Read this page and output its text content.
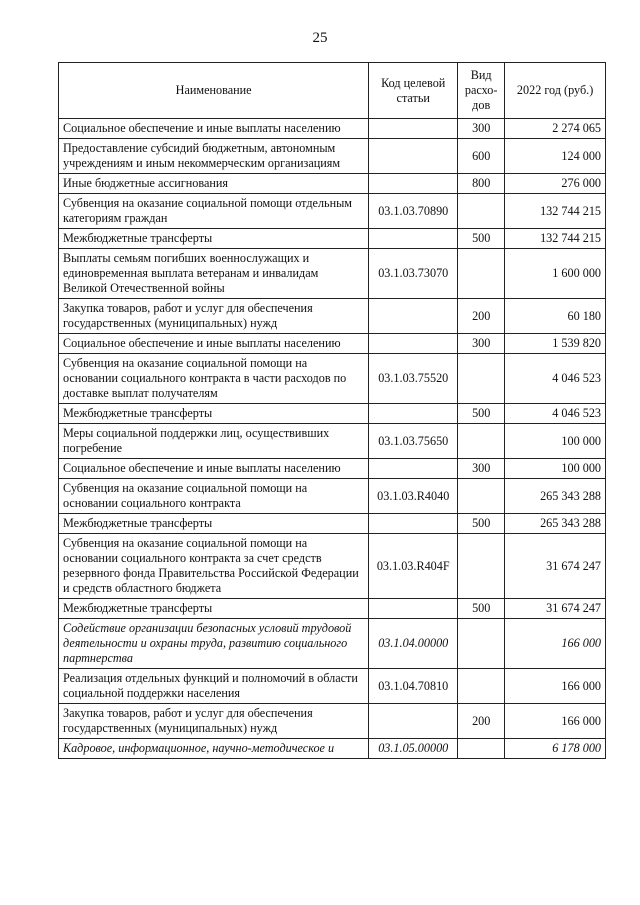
25
Наименование	Код целевой статьи	Вид расхо-дов	2022 год (руб.)
Социальное обеспечение и иные выплаты населению		300	2 274 065
Предоставление субсидий бюджетным, автономным учреждениям и иным некоммерческим организациям		600	124 000
Иные бюджетные ассигнования		800	276 000
Субвенция на оказание социальной помощи отдельным категориям граждан	03.1.03.70890		132 744 215
Межбюджетные трансферты		500	132 744 215
Выплаты семьям погибших военнослужащих и единовременная выплата ветеранам и инвалидам Великой Отечественной войны	03.1.03.73070		1 600 000
Закупка товаров, работ и услуг для обеспечения государственных (муниципальных) нужд		200	60 180
Социальное обеспечение и иные выплаты населению		300	1 539 820
Субвенция на оказание социальной помощи на основании социального контракта в части расходов по доставке выплат получателям	03.1.03.75520		4 046 523
Межбюджетные трансферты		500	4 046 523
Меры социальной поддержки лиц, осуществивших погребение	03.1.03.75650		100 000
Социальное обеспечение и иные выплаты населению		300	100 000
Субвенция на оказание социальной помощи на основании социального контракта	03.1.03.R4040		265 343 288
Межбюджетные трансферты		500	265 343 288
Субвенция на оказание социальной помощи на основании социального контракта за счет средств резервного фонда Правительства Российской Федерации и средств областного бюджета	03.1.03.R404F		31 674 247
Межбюджетные трансферты		500	31 674 247
Содействие организации безопасных условий трудовой деятельности и охраны труда, развитию социального партнерства	03.1.04.00000		166 000
Реализация отдельных функций и полномочий в области социальной поддержки населения	03.1.04.70810		166 000
Закупка товаров, работ и услуг для обеспечения государственных (муниципальных) нужд		200	166 000
Кадровое, информационное, научно-методическое и	03.1.05.00000		6 178 000
